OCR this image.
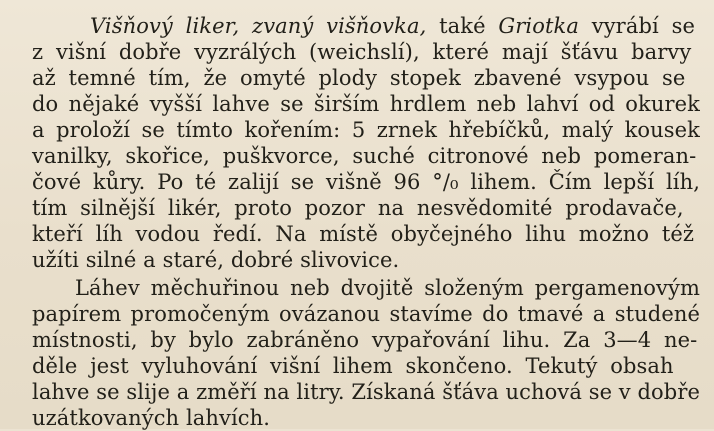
Višňový liker, zvaný višňovka, také Griotka vyrábí se
z višní dobře vyzrálých (weichslí), které mají šťávu barvy
až temné tím, že omyté plody stopek zbavené vsypou se
do nějaké vyšší lahve se širším hrdlem neb lahví od okurek
a proloží se tímto kořením: 5 zrnek hřebíčků, malý kousek
vanilky, skořice, puškvorce, suché citronové neb pomeran-
čové kůry. Po té zalijí se višně 96 °/₀ lihem. Čím lepší líh,
tím silnější likér, proto pozor na nesvědomité prodavače,
kteří líh vodou ředí. Na místě obyčejného lihu možno též
užíti silné a staré, dobré slivovice.
Láhev měchuřinou neb dvojitě složeným pergamenovým
papírem promočeným ovázanou stavíme do tmavé a studené
místnosti, by bylo zabráněno vypařování lihu. Za 3—4 ne-
děle jest vyluhování višní lihem skončeno. Tekutý obsah
lahve se slije a změří na litry. Získaná šťáva uchová se v dobře
uzátkovaných lahvích.
